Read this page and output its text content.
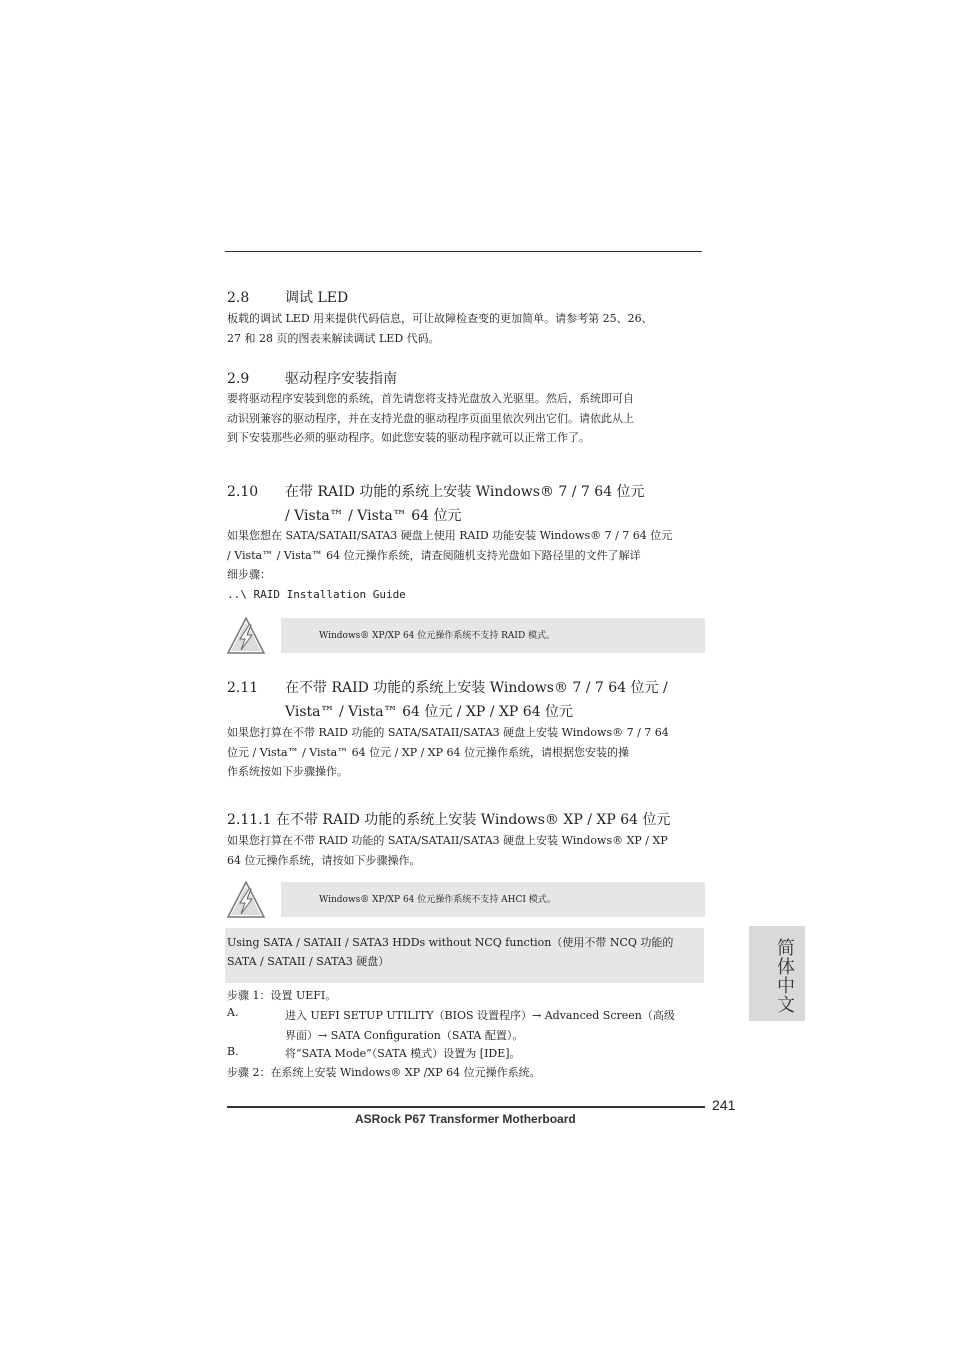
2.8	调试 LED
板载的调试 LED 用来提供代码信息，可让故障检查变的更加简单。请参考第 25、26、
27 和 28 页的图表来解读调试 LED 代码。
2.9	驱动程序安装指南
要将驱动程序安装到您的系统，首先请您将支持光盘放入光驱里。然后，系统即可自
动识别兼容的驱动程序，并在支持光盘的驱动程序页面里依次列出它们。请依此从上
到下安装那些必须的驱动程序。如此您安装的驱动程序就可以正常工作了。
2.10 在带 RAID 功能的系统上安装 Windows® 7 / 7 64 位元
/ Vista™ / Vista™ 64 位元
如果您想在 SATA/SATAII/SATA3 硬盘上使用 RAID 功能安装 Windows® 7 / 7 64 位元
/ Vista™ / Vista™ 64 位元操作系统，请查阅随机支持光盘如下路径里的文件了解详
细步骤：
..\ RAID Installation Guide
Windows® XP/XP 64 位元操作系统不支持 RAID 模式。
2.11 在不带 RAID 功能的系统上安装 Windows® 7 / 7 64 位元 /
Vista™ / Vista™ 64 位元 / XP / XP 64 位元
如果您打算在不带 RAID 功能的 SATA/SATAII/SATA3 硬盘上安装 Windows® 7 / 7 64
位元 / Vista™ / Vista™ 64 位元 / XP / XP 64 位元操作系统，请根据您安装的操
作系统按如下步骤操作。
2.11.1 在不带 RAID 功能的系统上安装 Windows® XP / XP 64 位元
如果您打算在不带 RAID 功能的 SATA/SATAII/SATA3 硬盘上安装 Windows® XP / XP
64 位元操作系统，请按如下步骤操作。
Windows® XP/XP 64 位元操作系统不支持 AHCI 模式。
Using SATA / SATAII / SATA3 HDDs without NCQ function（使用不带 NCQ 功能的
SATA / SATAII / SATA3 硬盘）
步骤 1：设置 UEFI。
A.	进入 UEFI SETUP UTILITY（BIOS 设置程序）→ Advanced Screen（高级
界面）→ SATA Configuration（SATA 配置）。
B.	将“SATA Mode”（SATA 模式）设置为 [IDE]。
步骤 2：在系统上安装 Windows® XP /XP 64 位元操作系统。
简体中文
241
ASRock P67 Transformer Motherboard
